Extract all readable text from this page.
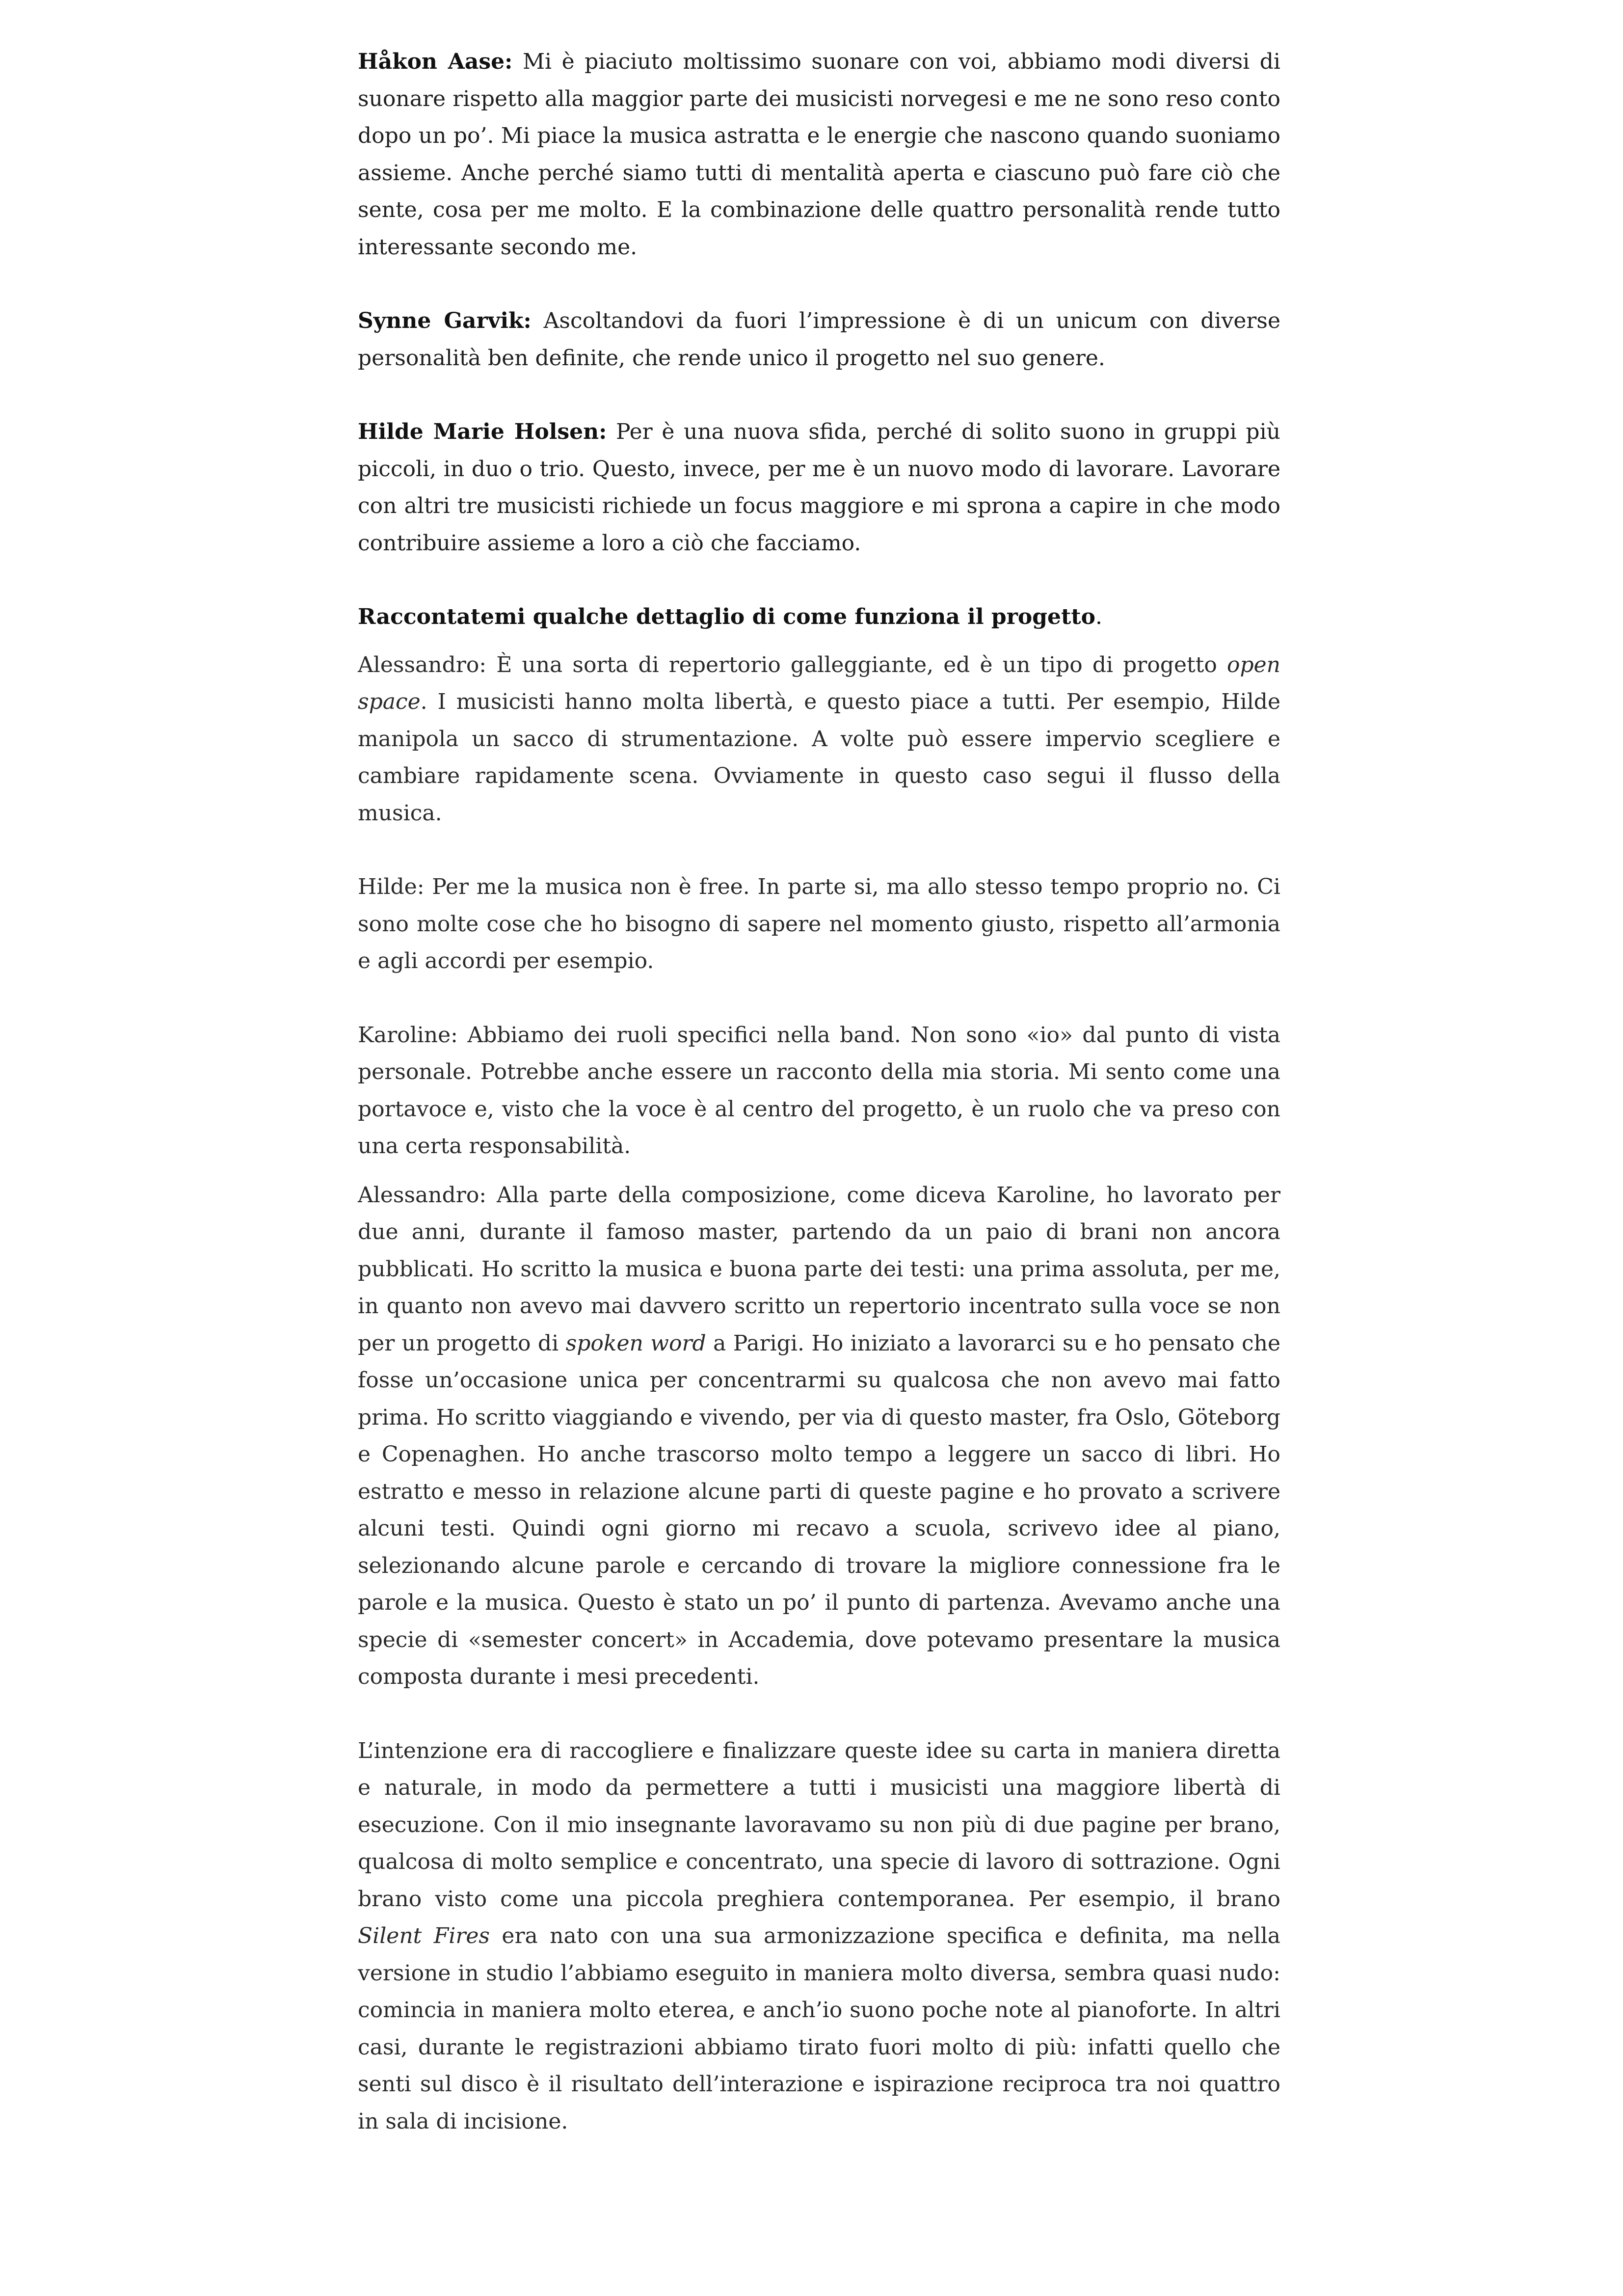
Håkon Aase: Mi è piaciuto moltissimo suonare con voi, abbiamo modi diversi di suonare rispetto alla maggior parte dei musicisti norvegesi e me ne sono reso conto dopo un po’. Mi piace la musica astratta e le energie che nascono quando suoniamo assieme. Anche perché siamo tutti di mentalità aperta e ciascuno può fare ciò che sente, cosa per me molto. E la combinazione delle quattro personalità rende tutto interessante secondo me.

Synne Garvik: Ascoltandovi da fuori l’impressione è di un unicum con diverse personalità ben definite, che rende unico il progetto nel suo genere.

Hilde Marie Holsen: Per è una nuova sfida, perché di solito suono in gruppi più piccoli, in duo o trio. Questo, invece, per me è un nuovo modo di lavorare. Lavorare con altri tre musicisti richiede un focus maggiore e mi sprona a capire in che modo contribuire assieme a loro a ciò che facciamo.

Raccontatemi qualche dettaglio di come funziona il progetto.

Alessandro: È una sorta di repertorio galleggiante, ed è un tipo di progetto open space. I musicisti hanno molta libertà, e questo piace a tutti. Per esempio, Hilde manipola un sacco di strumentazione. A volte può essere impervio scegliere e cambiare rapidamente scena. Ovviamente in questo caso segui il flusso della musica.

Hilde: Per me la musica non è free. In parte si, ma allo stesso tempo proprio no. Ci sono molte cose che ho bisogno di sapere nel momento giusto, rispetto all’armonia e agli accordi per esempio.

Karoline: Abbiamo dei ruoli specifici nella band. Non sono «io» dal punto di vista personale. Potrebbe anche essere un racconto della mia storia. Mi sento come una portavoce e, visto che la voce è al centro del progetto, è un ruolo che va preso con una certa responsabilità.

Alessandro: Alla parte della composizione, come diceva Karoline, ho lavorato per due anni, durante il famoso master, partendo da un paio di brani non ancora pubblicati. Ho scritto la musica e buona parte dei testi: una prima assoluta, per me, in quanto non avevo mai davvero scritto un repertorio incentrato sulla voce se non per un progetto di spoken word a Parigi. Ho iniziato a lavorarci su e ho pensato che fosse un’occasione unica per concentrarmi su qualcosa che non avevo mai fatto prima. Ho scritto viaggiando e vivendo, per via di questo master, fra Oslo, Göteborg e Copenaghen. Ho anche trascorso molto tempo a leggere un sacco di libri. Ho estratto e messo in relazione alcune parti di queste pagine e ho provato a scrivere alcuni testi. Quindi ogni giorno mi recavo a scuola, scrivevo idee al piano, selezionando alcune parole e cercando di trovare la migliore connessione fra le parole e la musica. Questo è stato un po’ il punto di partenza. Avevamo anche una specie di «semester concert» in Accademia, dove potevamo presentare la musica composta durante i mesi precedenti.

L’intenzione era di raccogliere e finalizzare queste idee su carta in maniera diretta e naturale, in modo da permettere a tutti i musicisti una maggiore libertà di esecuzione. Con il mio insegnante lavoravamo su non più di due pagine per brano, qualcosa di molto semplice e concentrato, una specie di lavoro di sottrazione. Ogni brano visto come una piccola preghiera contemporanea. Per esempio, il brano Silent Fires era nato con una sua armonizzazione specifica e definita, ma nella versione in studio l’abbiamo eseguito in maniera molto diversa, sembra quasi nudo: comincia in maniera molto eterea, e anch’io suono poche note al pianoforte. In altri casi, durante le registrazioni abbiamo tirato fuori molto di più: infatti quello che senti sul disco è il risultato dell’interazione e ispirazione reciproca tra noi quattro in sala di incisione.
